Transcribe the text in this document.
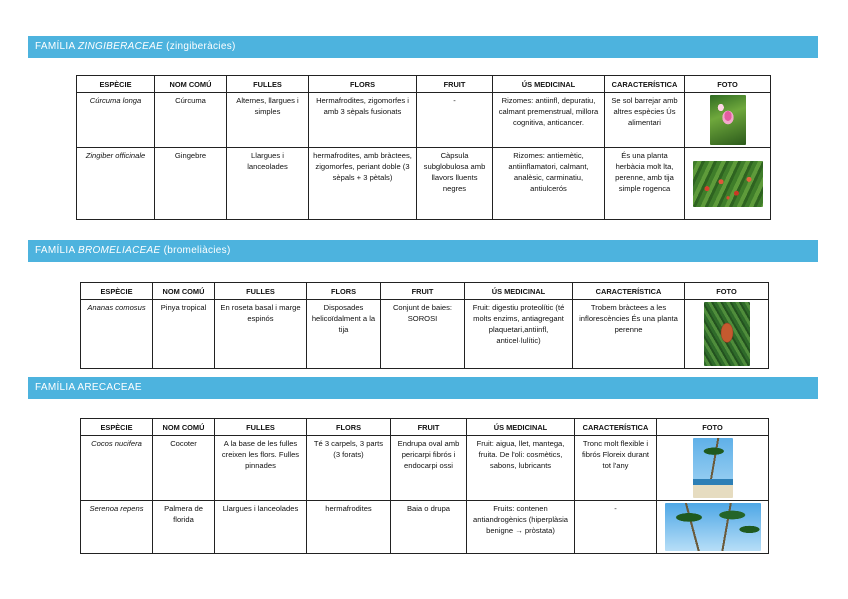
FAMÍLIA ZINGIBERACEAE (zingiberàcies)
ESPÈCIE	NOM COMÚ	FULLES	FLORS	FRUIT	ÚS MEDICINAL	CARACTERÍSTICA	FOTO
Cúrcuma longa	Cúrcuma	Alternes, llargues i simples	Hermafrodites, zigomorfes i amb 3 sèpals fusionats	-	Rizomes: antiinfl, depuratiu, calmant premenstrual, millora cognitiva, anticancer.	Se sol barrejar amb altres espècies Ús alimentari	

Zingiber officinale	Gingebre	Llargues i lanceolades	hermafrodites, amb bràctees, zigomorfes, periant doble (3 sèpals + 3 pètals)	Càpsula subglobulosa amb llavors lluents negres	Rizomes: antiemètic, antiinflamatori, calmant, analèsic, carminatiu, antiulcerós	És una planta herbàcia molt lta, perenne, amb tija simple rogenca	
FAMÍLIA BROMELIACEAE (bromeliàcies)
ESPÈCIE	NOM COMÚ	FULLES	FLORS	FRUIT	ÚS MEDICINAL	CARACTERÍSTICA	FOTO
Ananas comosus	Pinya tropical	En roseta basal i marge espinós	Disposades helicoïdalment a la tija	Conjunt de baies: SOROSI	Fruit: digestiu proteolític (té molts enzims, antiagregant plaquetari,antiinfl, anticel·lulític)	Trobem bràctees a les inflorescències És una planta perenne	
FAMÍLIA ARECACEAE
ESPÈCIE	NOM COMÚ	FULLES	FLORS	FRUIT	ÚS MEDICINAL	CARACTERÍSTICA	FOTO
Cocos nucifera	Cocoter	A la base de les fulles creixen les flors. Fulles pinnades	Té 3 carpels, 3 parts (3 forats)	Endrupa oval amb pericarpi fibrós i endocarpi ossi	Fruit: aigua, llet, mantega, fruita. De l'oli: cosmètics, sabons, lubricants	Tronc molt flexible i fibrós Floreix durant tot l'any	

Serenoa repens	Palmera de florida	Llargues i lanceolades	hermafrodites	Baia o drupa	Fruits: contenen antiandrogènics (hiperplàsia benigne → pròstata)	-	
